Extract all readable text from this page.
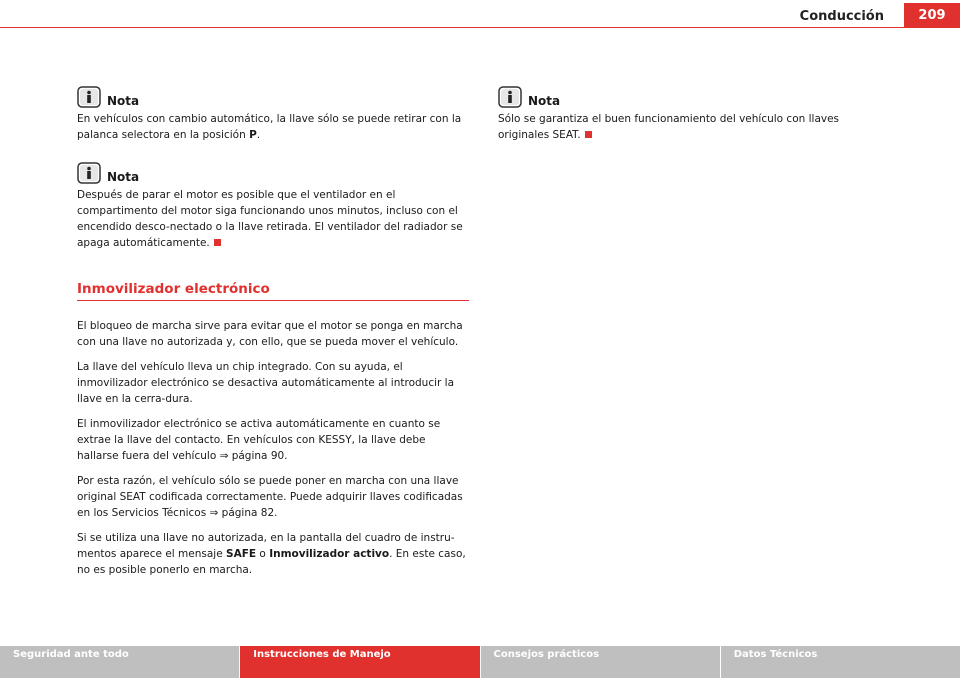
Conducción	209
Nota

En vehículos con cambio automático, la llave sólo se puede retirar con la palanca selectora en la posición P.

Nota

Después de parar el motor es posible que el ventilador en el compartimento del motor siga funcionando unos minutos, incluso con el encendido desco-nectado o la llave retirada. El ventilador del radiador se apaga automáticamente.

Inmovilizador electrónico

El bloqueo de marcha sirve para evitar que el motor se ponga en marcha con una llave no autorizada y, con ello, que se pueda mover el vehículo.

La llave del vehículo lleva un chip integrado. Con su ayuda, el inmovilizador electrónico se desactiva automáticamente al introducir la llave en la cerra-dura.

El inmovilizador electrónico se activa automáticamente en cuanto se extrae la llave del contacto. En vehículos con KESSY, la llave debe hallarse fuera del vehículo ⇒ página 90.

Por esta razón, el vehículo sólo se puede poner en marcha con una llave original SEAT codificada correctamente. Puede adquirir llaves codificadas en los Servicios Técnicos ⇒ página 82.

Si se utiliza una llave no autorizada, en la pantalla del cuadro de instru-mentos aparece el mensaje SAFE o Inmovilizador activo. En este caso, no es posible ponerlo en marcha.

Nota

Sólo se garantiza el buen funcionamiento del vehículo con llaves originales SEAT.

Seguridad ante todo	Instrucciones de Manejo	Consejos prácticos	Datos Técnicos
